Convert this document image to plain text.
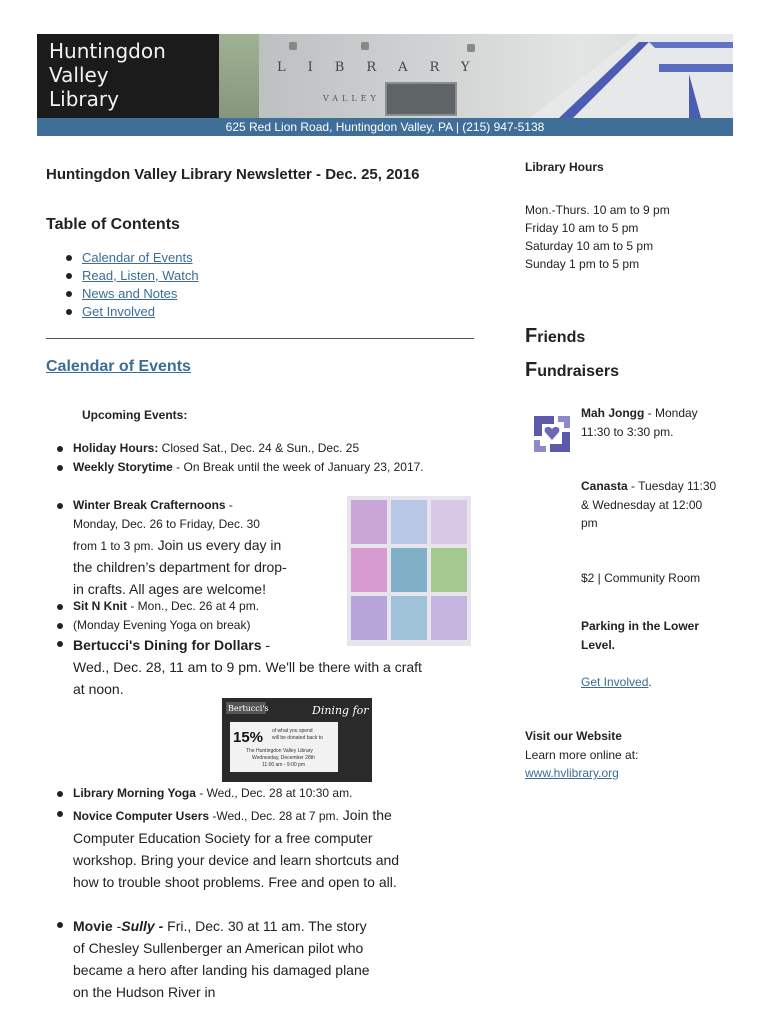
Huntingdon
Valley
Library
LIBRARY
VALLEY
625 Red Lion Road, Huntingdon Valley, PA | (215) 947-5138
Huntingdon Valley Library Newsletter - Dec. 25, 2016
Table of Contents
Calendar of Events
Read, Listen, Watch
News and Notes
Get Involved
Calendar of Events
Upcoming Events:
Holiday Hours: Closed Sat., Dec. 24 & Sun., Dec. 25
Weekly Storytime - On Break until the week of January 23, 2017.
Winter Break Crafternoons -
Monday, Dec. 26 to Friday, Dec. 30
from 1 to 3 pm. Join us every day in
the children’s department for drop-
in crafts. All ages are welcome!
Sit N Knit - Mon., Dec. 26 at 4 pm.
(Monday Evening Yoga on break)
Bertucci's Dining for Dollars -
Wed., Dec. 28, 11 am to 9 pm. We'll be there with a craft at noon.
Bertucci's	Dining for Dollars
15% of what you spend
will be donated back to
The Huntingdon Valley Library
Wednesday, December 28th
11:00 am - 9:00 pm
Library Morning Yoga - Wed., Dec. 28 at 10:30 am.
Novice Computer Users -Wed., Dec. 28 at 7 pm. Join the Computer Education Society for a free computer workshop. Bring your device and learn shortcuts and how to trouble shoot problems. Free and open to all.
Movie -Sully - Fri., Dec. 30 at 11 am. The story of Chesley Sullenberger an American pilot who became a hero after landing his damaged plane on the Hudson River in
Library Hours
Mon.-Thurs. 10 am to 9 pm
Friday 10 am to 5 pm
Saturday 10 am to 5 pm
Sunday 1 pm to 5 pm
Friends
Fundraisers
Mah Jongg - Monday 11:30 to 3:30 pm.
Canasta - Tuesday 11:30 & Wednesday at 12:00 pm
$2 | Community Room
Parking in the Lower Level.
Get Involved.
Visit our Website
Learn more online at:
www.hvlibrary.org
